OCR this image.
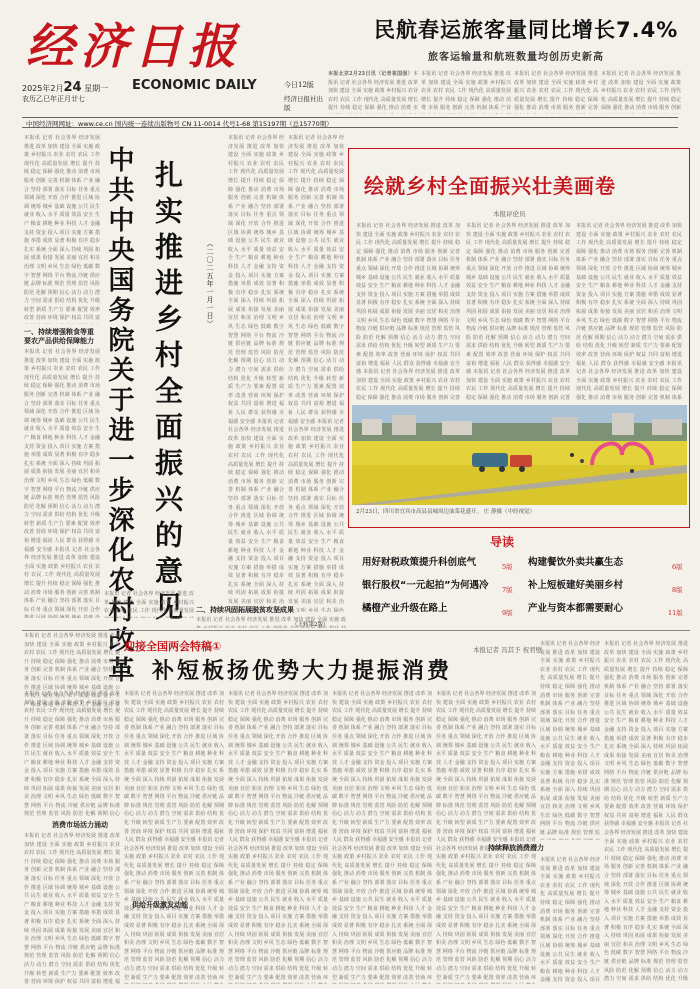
经济日报
2025年2月24 星期一 ECONOMIC DAILY
农历乙巳年正月廿七
今日12版
经济日报社出版
民航春运旅客量同比增长7.4%
旅客运输量和航班数量均创历史新高
本报北京2月23日讯（记者崔国强） 本报讯 记者 社会各界 经济发展 推进 改革 加快 建设 全面 实施 政策 乡村振兴 农业 农村 农民 工作 现代化 高质量发展 增长 提升 持续 稳定 保障 强化 推动 消费 市场 服务 创新 完善 机制 体系 产业 融合 坚持 部署 落实 目标 任务 重点 领域 深化 开放 合作 推进 区域 协调 统筹 城乡 基础 设施 公共 民生 就业 收入 水平 质量 效益 安全 生产 粮食 耕地 种业 科技 人才 金融 支持 资金 投入 项目 实施 方案 措施 举措 成效 显著 积极 有序 稳步 扎实 系统 全面 深入 持续 巩固 拓展 成果 衔接 发展 美丽 宜居 和美 治理 文明 乡风 生态 绿色 低碳 数字 智慧 网络 平台 物流 冷链 供应链 品牌 标准 规范 管理 监管 风险 防范 化解 预期 信心 活力 动力 潜力 空间 需求 供给 结构 优化 升级 转型 新质 生产力 要素 配置 效率 改善 营商 环境 保护 权益 共同 富裕 增进 福祉 人民 群众 获得感 幸福感 安全感 本报讯 记者 社会各界 经济发展 推进 改革 加快 建设 全面 实施 政策 乡村振兴 农业 农村 农民 工作 现代化 高质量发展 增长 提升 持续 稳定 保障 强化 推动 消费 市场 服务 创新 完善 机制 体系 产业 融合 坚持 部署 落实 目标 任务 重点 领域 深化 开放 合作 推进 区域 协调 统筹 城乡 基础 设施 公共 民生 就业 收入 水平 质量 效益 安全 生产 粮食 耕地 种业 科技 人才 金融 支持 资金 投入 项目 实施 方案 措施 举措 成效 显著 积极 有序 稳步 扎实 系统 全面 深入 持续 巩固 拓展 成果 衔接 发展 美丽 宜居 和美 治理 文明 乡风 生态 绿色 低碳 数字 智慧 网络 平台 物流 冷链 供应链 品牌 标准 规范 管理 监管 风险 防范 化解 预期 信心 活力 动力 潜力 空间 需求 供给 结构 优化 升级 转型 新质 生产力 要素 配置 效率 改善 营商 环境 保护 权益 共同 富裕 增进 福祉 人民 群众 获得感 幸福感 安全感 本报讯 记者 社会各界 经济发展 推进 改革 加快 建设 全面 实施 政策 乡村振兴 农业 农村 农民 工作 现代化 高质量发展 增长 提升 持续 稳定 保障 强化 推动 消费 市场 服务 创新 完善 机制 体系 产业 融合 坚持 部署 落实 目标 任务 重点 领域 深化 开放 合作 推进 区域 协调 统筹 城乡 基础 设施 公共 民生 就业 收入 水平 质量 效益 安全 生产 粮食 耕地 种业 科技 人才 金融 支持 资金 投入 项目 实施 方案 措施 举措 成效 显著 积极 有序 稳步 扎实 系统 全面 深入 持续 巩固 拓展 成果 衔接 发展 美丽 宜居 和美 治理 文明 乡风 生态 绿色 低碳 数字 智慧 网络 平台
本报讯 记者 社会各界 经济发展 推进 改革 加快 建设 全面 实施 政策 乡村振兴 农业 农村 农民 工作 现代化 高质量发展 增长 提升 持续 稳定 保障 强化 推动 消费 市场 服务 创新 完善 机制 体系 产业 融合 坚持 部署 落实 目标 任务 重点 领域 深化 开放 合作 推进 区域 协调 统筹 城乡 基础 设施 公共 民生 就业 收入 水平 质量 效益 安全 生产 粮食 耕地 种业 科技 人才 金融 支持 资金 投入 项目 实施 方案 措施 举措 成效 显著 积极 有序 稳步 扎实 系统 全面 深入 持续 巩固 拓展 成果 衔接 发展 美丽 宜居 和美 治理 文明 乡风 生态 绿色 低碳 数字 智慧 网络 平台 物流 冷链 供应链 品牌 标准 规范 管理 监管 风险 防范 化解 预期 信心 活力 动力 潜力 空间 需求 供给 结构 优化 升级 转型 新质 生产力 要素 配置 效率 改善 营商 环境 保护 权益 共同 富裕 增进 福祉 人民 群众 获得感 幸福感 安全感 本报讯 记者 社会各界 经济发展 推进 改革 加快 建设 全面 实施 政策 乡村振兴 农业 农村 农民 工作 现代化 高质量发展 增长 提升 持续 稳定 保障 强化 推动 消费 市场 服务 创新 完善 机制 体系 产业 融合 坚持 部署 落实 目标 任务 重点 领域 深化 开放 合作 推进 区域 协调 统筹 城乡 基础 设施 公共 民生 就业 收入 水平 质量 效益 安全 生产 粮食 耕地 种业 科技 人才 金融 支持 资金 投入 项目 实施 方案 措施 举措 成效 显著 积极 有序 稳步 扎实 系统 全面 深入 持续 巩固 拓展 成果 衔接 发展 美丽 宜居 和美 治理 文明 乡风 生态 绿色 低碳 数字 智慧 网络 平台 物流 冷链 供应链 品牌 标准 规范 管理 监管 风险 防范 化解 预期 信心 活力 动力 潜力 空间 需求 供给 结构 优化 升级 转型 新质 生产力 要素 配置 效率 改善 营商 环境 保护 权益 共同 富裕 增进 福祉 人民 群众 获得感 幸福感 安全感 本报讯 记者 社会各界 经济发展 推进 改革 加快 建设 全面 实施 政策 乡村振兴 农业 农村 农民 工作 现代化 高质量发展 增长 提升 持续 稳定 保障 强化 推动 消费 市场 服务 创新 完善 机制 体系 产业 融合 坚持 部署 落实 目标 任务 重点 领域 深化 开放 合作 推进 区域 协调 统筹 城乡 基础 设施 公共 民生 就业 收入 水平 质量 效益 安全 生产 粮食 耕地 种业 科技 人才 金融 支持 资金 投入 项目 实施 方案 措施 举措 成效 显著 积极 有序 稳步 扎实 系统 全面 深入 持续 巩固 拓展 成果 衔接 发展 美丽 宜居 和美 治理 文明 乡风 生态 绿色 低碳 数字 智慧 网络 平台
本报讯 记者 社会各界 经济发展 推进 改革 加快 建设 全面 实施 政策 乡村振兴 农业 农村 农民 工作 现代化 高质量发展 增长 提升 持续 稳定 保障 强化 推动 消费 市场 服务 创新 完善 机制 体系 产业 融合 坚持 部署 落实 目标 任务 重点 领域 深化 开放 合作 推进 区域 协调 统筹 城乡 基础 设施 公共 民生 就业 收入 水平 质量 效益 安全 生产 粮食 耕地 种业 科技 人才 金融 支持 资金 投入 项目 实施 方案 措施 举措 成效 显著 积极 有序 稳步 扎实 系统 全面 深入 持续 巩固 拓展 成果 衔接 发展 美丽 宜居 和美 治理 文明 乡风 生态 绿色 低碳 数字 智慧 网络 平台 物流 冷链 供应链 品牌 标准 规范 管理 监管 风险 防范 化解 预期 信心 活力 动力 潜力 空间 需求 供给 结构 优化 升级 转型 新质 生产力 要素 配置 效率 改善 营商 环境 保护 权益 共同 富裕 增进 福祉 人民 群众 获得感 幸福感 安全感 本报讯 记者 社会各界 经济发展 推进 改革 加快 建设 全面 实施 政策 乡村振兴 农业 农村 农民 工作 现代化 高质量发展 增长 提升 持续 稳定 保障 强化 推动 消费 市场 服务 创新 完善 机制 体系 产业 融合 坚持 部署 落实 目标 任务 重点 领域 深化 开放 合作 推进 区域 协调 统筹 城乡 基础 设施 公共 民生 就业 收入 水平 质量 效益 安全 生产 粮食 耕地 种业 科技 人才 金融 支持 资金 投入 项目 实施 方案 措施 举措 成效 显著 积极 有序 稳步 扎实 系统 全面 深入 持续 巩固 拓展 成果 衔接 发展 美丽 宜居 和美 治理 文明 乡风 生态 绿色 低碳 数字 智慧 网络 平台 物流 冷链 供应链 品牌 标准 规范 管理 监管 风险 防范 化解 预期 信心 活力 动力 潜力 空间 需求 供给 结构 优化 升级 转型 新质 生产力 要素 配置 效率 改善 营商 环境 保护 权益 共同 富裕 增进 福祉 人民 群众 获得感 幸福感 安全感 本报讯 记者 社会各界 经济发展 推进 改革 加快 建设 全面 实施 政策 乡村振兴 农业 农村 农民 工作 现代化 高质量发展 增长 提升 持续 稳定 保障 强化 推动 消费 市场 服务 创新 完善 机制 体系 产业 融合 坚持 部署 落实 目标 任务 重点 领域 深化 开放 合作 推进 区域 协调 统筹 城乡 基础 设施 公共 民生 就业 收入 水平 质量 效益 安全 生产 粮食 耕地 种业 科技 人才 金融 支持 资金 投入 项目 实施 方案 措施 举措 成效 显著 积极 有序 稳步 扎实 系统 全面 深入 持续 巩固 拓展 成果 衔接 发展 美丽 宜居 和美 治理 文明 乡风 生态 绿色 低碳 数字 智慧 网络 平台
本报讯 记者 社会各界 经济发展 推进 改革 加快 建设 全面 实施 政策 乡村振兴 农业 农村 农民 工作 现代化 高质量发展 增长 提升 持续 稳定 保障 强化 推动 消费 市场 服务 创新 完善 机制 体系 产业 融合 坚持 部署 落实 目标 任务 重点 领域 深化 开放 合作 推进 区域 协调 统筹 城乡 基础 设施 公共 民生 就业 收入 水平 质量 效益 安全 生产 粮食 耕地 种业 科技 人才 金融 支持 资金 投入 项目 实施 方案 措施 举措 成效 显著 积极 有序 稳步 扎实 系统 全面 深入 持续 巩固 拓展 成果 衔接 发展 美丽 宜居 和美 治理 文明 乡风 生态 绿色 低碳 数字 智慧 网络 平台 物流 冷链 供应链 品牌 标准 规范 管理 监管 风险 防范 化解 预期 信心 活力 动力 潜力 空间 需求 供给 结构 优化 升级 转型 新质 生产力 要素 配置 效率 改善 营商 环境 保护 权益 共同 富裕 增进 福祉 人民 群众 获得感 幸福感 安全感 本报讯 记者 社会各界 经济发展 推进 改革 加快 建设 全面 实施 政策 乡村振兴 农业 农村 农民 工作 现代化 高质量发展 增长 提升 持续 稳定 保障 强化 推动 消费 市场 服务 创新 完善 机制 体系 产业 融合 坚持 部署 落实 目标 任务 重点 领域 深化 开放 合作 推进 区域 协调 统筹 城乡 基础 设施 公共 民生 就业 收入 水平 质量 效益 安全 生产 粮食 耕地 种业 科技 人才 金融 支持 资金 投入 项目 实施 方案 措施 举措 成效 显著 积极 有序 稳步 扎实 系统 全面 深入 持续 巩固 拓展 成果 衔接 发展 美丽 宜居 和美 治理 文明 乡风 生态 绿色 低碳 数字 智慧 网络 平台 物流 冷链 供应链 品牌 标准 规范 管理 监管 风险 防范 化解 预期 信心 活力 动力 潜力 空间 需求 供给 结构 优化 升级 转型 新质 生产力 要素 配置 效率 改善 营商 环境 保护 权益 共同 富裕 增进 福祉 人民 群众 获得感 幸福感 安全感 本报讯 记者 社会各界 经济发展 推进 改革 加快 建设 全面 实施 政策 乡村振兴 农业 农村 农民 工作 现代化 高质量发展 增长 提升 持续 稳定 保障 强化 推动 消费 市场 服务 创新 完善 机制 体系 产业 融合 坚持 部署 落实 目标 任务 重点 领域 深化 开放 合作 推进 区域 协调 统筹 城乡 基础 设施 公共 民生 就业 收入 水平 质量 效益 安全 生产 粮食 耕地 种业 科技 人才 金融 支持 资金 投入 项目 实施 方案 措施 举措 成效 显著 积极 有序 稳步 扎实 系统 全面 深入 持续 巩固 拓展 成果 衔接 发展 美丽 宜居 和美 治理 文明 乡风 生态 绿色 低碳 数字 智慧 网络 平台
中国经济网网址：www.ce.cn 国内统一连续出版物号 CN 11-0014 代号1-68 第15197期（总15770期）
本报讯 记者 社会各界 经济发展 推进 改革 加快 建设 全面 实施 政策 乡村振兴 农业 农村 农民 工作 现代化 高质量发展 增长 提升 持续 稳定 保障 强化 推动 消费 市场 服务 创新 完善 机制 体系 产业 融合 坚持 部署 落实 目标 任务 重点 领域 深化 开放 合作 推进 区域 协调 统筹 城乡 基础 设施 公共 民生 就业 收入 水平 质量 效益 安全 生产 粮食 耕地 种业 科技 人才 金融 支持 资金 投入 项目 实施 方案 措施 举措 成效 显著 积极 有序 稳步 扎实 系统 全面 深入 持续 巩固 拓展 成果 衔接 发展 美丽 宜居 和美 治理 文明 乡风 生态 绿色 低碳 数字 智慧 网络 平台 物流 冷链 供应链 品牌 标准 规范 管理 监管 风险 防范 化解 预期 信心 活力 动力 潜力 空间 需求 供给 结构 优化 升级 转型 新质 生产力 要素 配置 效率 改善 营商 环境 保护 权益 共同 富裕 增进 福祉 人民 群众 获得感 幸福感 安全感 本报讯 记者 社会各界 经济发展 推进 改革 加快 建设 全面 实施 政策 乡村振兴 农业 农村 农民 工作 现代化 高质量发展 增长 提升 持续 稳定 保障 强化 推动 消费 市场 服务 创新 完善 机制 体系 产业 融合 坚持 部署 落实 目标 任务 重点 领域 深化 开放 合作 推进 区域 协调 统筹 城乡 基础 设施 公共 民生 就业 收入 水平 质量 效益 安全 生产 粮食 耕地 种业 科技 人才 金融 支持 资金 投入 项目 实施 方案 措施 举措 成效 显著 积极 有序 稳步 扎实 系统 全面 深入 持续 巩固 拓展 成果 衔接 发展 美丽 宜居 和美 治理 文明 乡风 生态 绿色 低碳 数字 智慧 网络 平台 物流 冷链 供应链 品牌 标准 规范 管理 监管 风险 防范 化解 预期 信心 活力 动力 潜力 空间 需求 供给 结构 优化 升级 转型 新质 生产力 要素 配置 效率 改善 营商 环境 保护 权益 共同 富裕 增进 福祉 人民 群众 获得感 幸福感 安全感 本报讯 记者 社会各界 经济发展 推进 改革 加快 建设 全面 实施 政策 乡村振兴 农业 农村 农民 工作 现代化 高质量发展 增长 提升 持续 稳定 保障 强化 推动 消费 市场 服务 创新 完善 机制 体系 产业 融合 坚持 部署 落实 目标 任务 重点 领域 深化 开放 合作 推进 区域 协调 统筹 城乡 基础 设施 公共 民生 就业 收入 水平 质量 效益 安全 生产 粮食 耕地 种业 科技 人才 金融 支持 资金 投入 项目 实施 方案 措施 举措 成效 显著 积极 有序 稳步 扎实 系统 全面 深入 持续 巩固 拓展 成果 衔接 发展 美丽 宜居 和美 治理 文明 乡风 生态 绿色 低碳 数字 智慧 网络 平台
一、持续增强粮食等重要农产品供给保障能力
本报讯 记者 社会各界 经济发展 推进 改革 加快 建设 全面 实施 政策 乡村振兴 农业 农村 农民 工作 现代化 高质量发展 增长 提升 持续 稳定 保障 强化 推动 消费 市场 服务 创新 完善 机制 体系 产业 融合 坚持 部署 落实 目标 任务 重点 领域 深化 开放 合作 推进 区域 协调 统筹 城乡 基础 设施 公共 民生 就业 收入 水平 质量 效益 安全 生产 粮食 耕地 种业 科技 人才 金融 支持 资金 投入 项目 实施 方案 措施 举措 成效 显著 积极 有序 稳步 扎实 系统 全面 深入 持续 巩固 拓展 成果 衔接 发展 美丽 宜居 和美 治理 文明 乡风 生态 绿色 低碳 数字 智慧 网络 平台 物流 冷链 供应链 品牌 标准 规范 管理 监管 风险 防范 化解 预期 信心 活力 动力 潜力 空间 需求 供给 结构 优化 升级 转型 新质 生产力 要素 配置 效率 改善 营商 环境 保护 权益 共同 富裕 增进 福祉 人民 群众 获得感 幸福感 安全感 本报讯 记者 社会各界 经济发展 推进 改革 加快 建设 全面 实施 政策 乡村振兴 农业 农村 农民 工作 现代化 高质量发展 增长 提升 持续 稳定 保障 强化 推动 消费 市场 服务 创新 完善 机制 体系 产业 融合 坚持 部署 落实 目标 任务 重点 领域 深化 开放 合作 推进 区域 协调 统筹 城乡 基础 设施 公共 民生 就业 收入 水平 质量 效益 安全 生产 粮食 耕地 种业 科技 人才 金融 支持 资金 投入 项目 实施 方案 措施 举措 成效 显著 积极 有序 稳步 扎实 系统 全面 深入 持续 巩固 拓展 成果 衔接 发展 美丽 宜居 和美 治理 文明 乡风 生态 绿色 低碳 数字 智慧 网络 平台 物流 冷链 供应链 品牌 标准 规范 管理 监管 风险 防范 化解 预期 信心 活力 动力 潜力 空间 需求 供给 结构 优化 升级 转型 新质 生产力 要素 配置 效率 改善 营商 环境 保护 权益 共同 富裕 增进 福祉 人民 群众 获得感 幸福感 安全感 本报讯 记者 社会各界 经济发展 推进 改革 加快 建设 全面 实施 政策 乡村振兴 农业 农村 农民 工作 现代化 高质量发展 增长 提升 持续 稳定 保障 强化 推动 消费 市场 服务 创新 完善 机制 体系 产业 融合 坚持 部署 落实 目标 任务 重点 领域 深化 开放 合作 推进 区域 协调 统筹 城乡 基础 设施 公共 民生 就业 收入 水平 质量 效益 安全 生产 粮食 耕地 种业 科技 人才 金融 支持 资金 投入 项目 实施 方案 措施 举措 成效 显著 积极 有序 稳步 扎实 系统 全面 深入 持续 巩固 拓展 成果 衔接 发展 美丽 宜居 和美 治理 文明 乡风 生态 绿色 低碳 数字 智慧 网络 平台 中共中央国务院关于进一步深化农村改革 扎实推进乡村全面振兴的意见	（二〇二五年一月一日）
本报讯 记者 社会各界 经济发展 推进 改革 加快 建设 全面 实施 政策 乡村振兴 农业 农村 农民 工作 现代化 高质量发展 增长 提升 持续 稳定 保障 强化 推动 消费 市场 服务 创新 完善 机制 体系 产业 融合 坚持 部署 落实 目标 任务 重点 领域 深化 开放 合作 推进 区域 协调 统筹 城乡 基础 设施 公共 民生 就业 收入 水平 质量 效益 安全 生产 粮食 耕地 种业 科技 人才 金融 支持 资金 投入 项目 实施 方案 措施 举措 成效 显著 积极 有序 稳步 扎实 系统 全面 深入 持续 巩固 拓展 成果 衔接 发展 美丽 宜居 和美 治理 文明 乡风 生态 绿色 低碳 数字 智慧 网络 平台 物流 冷链 供应链 品牌 标准 规范 管理 监管 风险 防范 化解 预期 信心 活力 动力 潜力 空间 需求 供给 结构 优化 升级 转型 新质 生产力 要素 配置 效率 改善 营商 环境 保护 权益 共同 富裕 增进 福祉 人民 群众 获得感 幸福感 安全感 本报讯 记者 社会各界 经济发展 推进 改革 加快 建设 全面 实施 政策 乡村振兴 农业 农村 农民 工作 现代化 高质量发展 增长 提升 持续 稳定 保障 强化 推动 消费 市场 服务 创新 完善 机制 体系 产业 融合 坚持 部署 落实 目标 任务 重点 领域 深化 开放 合作 推进 区域 协调 统筹 城乡 基础 设施 公共 民生 就业 收入 水平 质量 效益 安全 生产 粮食 耕地 种业 科技 人才 金融 支持 资金 投入 项目 实施 方案 措施 举措 成效 显著 积极 有序 稳步 扎实 系统 全面 深入 持续 巩固 拓展 成果 衔接 发展 美丽 宜居 和美 治理 文明 乡风 生态 绿色 低碳 数字 智慧 网络 平台 物流 冷链 供应链 品牌 标准 规范 管理 监管 风险 防范 化解 预期 信心 活力 动力 潜力 空间 需求 供给 结构 优化 升级 转型 新质 生产力 要素 配置 效率 改善 营商 环境 保护 权益 共同 富裕 增进 福祉 人民 群众 获得感 幸福感 安全感 本报讯 记者 社会各界 经济发展 推进 改革 加快 建设 全面 实施 政策 乡村振兴 农业 农村 农民 工作 现代化 高质量发展 增长 提升 持续 稳定 保障 强化 推动 消费 市场 服务 创新 完善 机制 体系 产业 融合 坚持 部署 落实 目标 任务 重点 领域 深化 开放 合作 推进 区域 协调 统筹 城乡 基础 设施 公共 民生 就业 收入 水平 质量 效益 安全 生产 粮食 耕地 种业 科技 人才 金融 支持 资金 投入 项目 实施 方案 措施 举措 成效 显著 积极 有序 稳步 扎实 系统 全面 深入 持续 巩固 拓展 成果 衔接 发展 美丽 宜居 和美 治理 文明 乡风 生态 绿色 低碳 数字 智慧 网络 平台
本报讯 记者 社会各界 经济发展 推进 改革 加快 建设 全面 实施 政策 乡村振兴 农业 农村 农民 工作 现代化 高质量发展 增长 提升 持续 稳定 保障 强化 推动 消费 市场 服务 创新 完善 机制 体系 产业 融合 坚持 部署 落实 目标 任务 重点 领域 深化 开放 合作 推进 区域 协调 统筹 城乡 基础 设施 公共 民生 就业 收入 水平 质量 效益 安全 生产 粮食 耕地 种业 科技 人才 金融 支持 资金 投入 项目 实施 方案 措施 举措 成效 显著 积极 有序 稳步 扎实 系统 全面 深入 持续 巩固 拓展 成果 衔接 发展 美丽 宜居 和美 治理 文明 乡风 生态 绿色 低碳 数字 智慧 网络 平台 物流 冷链 供应链 品牌 标准 规范 管理 监管 风险 防范 化解 预期 信心 活力 动力 潜力 空间 需求 供给 结构 优化 升级 转型 新质 生产力 要素 配置 效率 改善 营商 环境 保护 权益 共同 富裕 增进 福祉 人民 群众 获得感 幸福感 安全感 本报讯 记者 社会各界 经济发展 推进 改革 加快 建设 全面 实施 政策 乡村振兴 农业 农村 农民 工作 现代化 高质量发展 增长 提升 持续 稳定 保障 强化 推动 消费 市场 服务 创新 完善 机制 体系 产业 融合 坚持 部署 落实 目标 任务 重点 领域 深化 开放 合作 推进 区域 协调 统筹 城乡 基础 设施 公共 民生 就业 收入 水平 质量 效益 安全 生产 粮食 耕地 种业 科技 人才 金融 支持 资金 投入 项目 实施 方案 措施 举措 成效 显著 积极 有序 稳步 扎实 系统 全面 深入 持续 巩固 拓展 成果 衔接 发展 美丽 宜居 和美 治理 文明 乡风 生态 绿色 低碳 数字 智慧 网络 平台 物流 冷链 供应链 品牌 标准 规范 管理 监管 风险 防范 化解 预期 信心 活力 动力 潜力 空间 需求 供给 结构 优化 升级 转型 新质 生产力 要素 配置 效率 改善 营商 环境 保护 权益 共同 富裕 增进 福祉 人民 群众 获得感 幸福感 安全感 本报讯 记者 社会各界 经济发展 推进 改革 加快 建设 全面 实施 政策 乡村振兴 农业 农村 农民 工作 现代化 高质量发展 增长 提升 持续 稳定 保障 强化 推动 消费 市场 服务 创新 完善 机制 体系 产业 融合 坚持 部署 落实 目标 任务 重点 领域 深化 开放 合作 推进 区域 协调 统筹 城乡 基础 设施 公共 民生 就业 收入 水平 质量 效益 安全 生产 粮食 耕地 种业 科技 人才 金融 支持 资金 投入 项目 实施 方案 措施 举措 成效 显著 积极 有序 稳步 扎实 系统 全面 深入 持续 巩固 拓展 成果 衔接 发展 美丽 宜居 和美 治理 文明 乡风 生态 绿色 低碳 数字 智慧 网络 平台
二、持续巩固拓展脱贫攻坚成果
本报讯 记者 社会各界 经济发展 推进 改革 加快 建设 全面 实施 政策 乡村振兴 农业 农村 农民 工作 现代化 高质量发展 增长 提升 持续 稳定 保障 强化 推动 消费 市场 服务 创新 完善 机制 体系 产业 融合 坚持 部署 落实 目标 任务 重点 领域 深化 开放 合作 推进 区域 协调 统筹 城乡 基础 设施 公共 民生 就业 收入 水平 质量 效益 安全 生产 粮食 耕地 种业 科技 人才 金融 支持 资金 投入 项目 实施 方案 措施 举措 成效 显著 积极 有序 稳步 扎实 系统 全面 深入 持续 巩固 拓展 成果 衔接 发展 美丽 宜居 和美 治理 文明 乡风 生态 绿色 低碳 数字 智慧 网络 平台 物流 冷链 供应链 品牌 标准 规范 管理 监管 风险 防范 化解 预期 信心 活力 动力 潜力 空间 需求 供给 结构 优化 升级 转型 新质 生产力 要素 配置 效率 改善 营商 环境 保护 权益 共同 富裕 增进 福祉 人民 群众 获得感 幸福感 安全感 本报讯 记者 社会各界 经济发展 推进 改革 加快 建设 全面 实施 政策 乡村振兴 农业 农村 农民 工作 现代化 高质量发展 增长 提升 持续 稳定 保障 强化 推动 消费 市场 服务 创新 完善 机制 体系 产业 融合 坚持 部署 落实 目标 任务 重点 领域 深化 开放 合作 推进 区域 协调 统筹 城乡 基础 设施 公共 民生 就业 收入 水平 质量 效益 安全 生产 粮食 耕地 种业 科技 人才 金融 支持 资金 投入 项目 实施 方案 措施 举措 成效 显著 积极 有序 稳步 扎实 系统 全面 深入 持续 巩固 拓展 成果 衔接 发展 美丽 宜居 和美 治理 文明 乡风 生态 绿色 低碳 数字 智慧 网络 平台 物流 冷链 供应链 品牌 标准 规范 管理 监管 风险 防范 化解 预期 信心 活力 动力 潜力 空间 需求 供给 结构 优化 升级 转型 新质 生产力 要素 配置 效率 改善 营商 环境 保护 权益 共同 富裕 增进 福祉 人民 群众 获得感 幸福感 安全感 本报讯 记者 社会各界 经济发展 推进 改革 加快 建设 全面 实施 政策 乡村振兴 农业 农村 农民 工作 现代化 高质量发展 增长 提升 持续 稳定 保障 强化 推动 消费 市场 服务 创新 完善 机制 体系 产业 融合 坚持 部署 落实 目标 任务 重点 领域 深化 开放 合作 推进 区域 协调 统筹 城乡 基础 设施 公共 民生 就业 收入 水平 质量 效益 安全 生产 粮食 耕地 种业 科技 人才 金融 支持 资金 投入 项目 实施 方案 措施 举措 成效 显著 积极 有序 稳步 扎实 系统 全面 深入 持续 巩固 拓展 成果 衔接 发展 美丽 宜居 和美 治理 文明 乡风 生态 绿色 低碳 数字 智慧 网络 平台
本报讯 记者 社会各界 经济发展 推进 改革 加快 建设 全面 实施 政策 乡村振兴 农业 农村 农民 工作 现代化 高质量发展 增长 提升 持续 稳定 保障 强化 推动 消费 市场 服务 创新 完善 机制 体系 产业 融合 坚持 部署 落实 目标 任务 重点 领域 深化 开放 合作 推进 区域 协调 统筹 城乡 基础 设施 公共 民生 就业 收入 水平 质量 效益 安全 生产 粮食 耕地 种业 科技 人才 金融 支持 资金 投入 项目 实施 方案 措施 举措 成效 显著 积极 有序 稳步 扎实 系统 全面 深入 持续 巩固 拓展 成果 衔接 发展 美丽 宜居 和美 治理 文明 乡风 生态 绿色 低碳 数字 智慧 网络 平台 物流 冷链 供应链 品牌 标准 规范 管理 监管 风险 防范 化解 预期 信心 活力 动力 潜力 空间 需求 供给 结构 优化 升级 转型 新质 生产力 要素 配置 效率 改善 营商 环境 保护 权益 共同 富裕 增进 福祉 人民 群众 获得感 幸福感 安全感 本报讯 记者 社会各界 经济发展 推进 改革 加快 建设 全面 实施 政策 乡村振兴 农业 农村 农民 工作 现代化 高质量发展 增长 提升 持续 稳定 保障 强化 推动 消费 市场 服务 创新 完善 机制 体系 产业 融合 坚持 部署 落实 目标 任务 重点 领域 深化 开放 合作 推进 区域 协调 统筹 城乡 基础 设施 公共 民生 就业 收入 水平 质量 效益 安全 生产 粮食 耕地 种业 科技 人才 金融 支持 资金 投入 项目 实施 方案 措施 举措 成效 显著 积极 有序 稳步 扎实 系统 全面 深入 持续 巩固 拓展 成果 衔接 发展 美丽 宜居 和美 治理 文明 乡风 生态 绿色 低碳 数字 智慧 网络 平台 物流 冷链 供应链 品牌 标准 规范 管理 监管 风险 防范 化解 预期 信心 活力 动力 潜力 空间 需求 供给 结构 优化 升级 转型 新质 生产力 要素 配置 效率 改善 营商 环境 保护 权益 共同 富裕 增进 福祉 人民 群众 获得感 幸福感 安全感 本报讯 记者 社会各界 经济发展 推进 改革 加快 建设 全面 实施 政策 乡村振兴 农业 农村 农民 工作 现代化 高质量发展 增长 提升 持续 稳定 保障 强化 推动 消费 市场 服务 创新 完善 机制 体系 产业 融合 坚持 部署 落实 目标 任务 重点 领域 深化 开放 合作 推进 区域 协调 统筹 城乡 基础 设施 公共 民生 就业 收入 水平 质量 效益 安全 生产 粮食 耕地 种业 科技 人才 金融 支持 资金 投入 项目 实施 方案 措施 举措 成效 显著 积极 有序 稳步 扎实 系统 全面 深入 持续 巩固 拓展 成果 衔接 发展 美丽 宜居 和美 治理 文明 乡风 生态 绿色 低碳 数字 智慧 网络 平台
（下转第2版）
绘就乡村全面振兴壮美画卷
本报评论员
本报讯 记者 社会各界 经济发展 推进 改革 加快 建设 全面 实施 政策 乡村振兴 农业 农村 农民 工作 现代化 高质量发展 增长 提升 持续 稳定 保障 强化 推动 消费 市场 服务 创新 完善 机制 体系 产业 融合 坚持 部署 落实 目标 任务 重点 领域 深化 开放 合作 推进 区域 协调 统筹 城乡 基础 设施 公共 民生 就业 收入 水平 质量 效益 安全 生产 粮食 耕地 种业 科技 人才 金融 支持 资金 投入 项目 实施 方案 措施 举措 成效 显著 积极 有序 稳步 扎实 系统 全面 深入 持续 巩固 拓展 成果 衔接 发展 美丽 宜居 和美 治理 文明 乡风 生态 绿色 低碳 数字 智慧 网络 平台 物流 冷链 供应链 品牌 标准 规范 管理 监管 风险 防范 化解 预期 信心 活力 动力 潜力 空间 需求 供给 结构 优化 升级 转型 新质 生产力 要素 配置 效率 改善 营商 环境 保护 权益 共同 富裕 增进 福祉 人民 群众 获得感 幸福感 安全感 本报讯 记者 社会各界 经济发展 推进 改革 加快 建设 全面 实施 政策 乡村振兴 农业 农村 农民 工作 现代化 高质量发展 增长 提升 持续 稳定 保障 强化 推动 消费 市场 服务 创新 完善 机制 体系 产业 融合 坚持 部署 落实 目标 任务 重点 领域 深化 开放 合作 推进 区域 协调 统筹 城乡 基础 设施 公共 民生 就业 收入 水平 质量 效益 安全 生产 粮食 耕地 种业 科技 人才 金融 支持 资金 投入 项目 实施 方案 措施 举措 成效 显著 积极 有序 稳步 扎实 系统 全面 深入 持续 巩固 拓展 成果 衔接 发展 美丽 宜居 和美 治理 文明 乡风 生态 绿色 低碳 数字 智慧 网络 平台 物流 冷链 供应链 品牌 标准 规范 管理 监管 风险 防范 化解 预期 信心 活力 动力 潜力 空间 需求 供给 结构 优化 升级 转型 新质 生产力 要素 配置 效率 改善 营商 环境 保护 权益 共同 富裕 增进 福祉 人民 群众 获得感 幸福感 安全感 本报讯 记者 社会各界 经济发展 推进 改革 加快 建设 全面 实施 政策 乡村振兴 农业 农村 农民 工作 现代化 高质量发展 增长 提升 持续 稳定 保障 强化 推动 消费 市场 服务 创新 完善 机制 体系 产业 融合 坚持 部署 落实 目标 任务 重点 领域 深化 开放 合作 推进 区域 协调 统筹 城乡 基础 设施 公共 民生 就业 收入 水平 质量 效益 安全 生产 粮食 耕地 种业 科技 人才 金融 支持 资金 投入 项目 实施 方案 措施 举措 成效 显著 积极 有序 稳步 扎实 系统 全面 深入 持续 巩固 拓展 成果 衔接 发展 美丽 宜居 和美 治理 文明 乡风 生态 绿色 低碳 数字 智慧 网络 平台
本报讯 记者 社会各界 经济发展 推进 改革 加快 建设 全面 实施 政策 乡村振兴 农业 农村 农民 工作 现代化 高质量发展 增长 提升 持续 稳定 保障 强化 推动 消费 市场 服务 创新 完善 机制 体系 产业 融合 坚持 部署 落实 目标 任务 重点 领域 深化 开放 合作 推进 区域 协调 统筹 城乡 基础 设施 公共 民生 就业 收入 水平 质量 效益 安全 生产 粮食 耕地 种业 科技 人才 金融 支持 资金 投入 项目 实施 方案 措施 举措 成效 显著 积极 有序 稳步 扎实 系统 全面 深入 持续 巩固 拓展 成果 衔接 发展 美丽 宜居 和美 治理 文明 乡风 生态 绿色 低碳 数字 智慧 网络 平台 物流 冷链 供应链 品牌 标准 规范 管理 监管 风险 防范 化解 预期 信心 活力 动力 潜力 空间 需求 供给 结构 优化 升级 转型 新质 生产力 要素 配置 效率 改善 营商 环境 保护 权益 共同 富裕 增进 福祉 人民 群众 获得感 幸福感 安全感 本报讯 记者 社会各界 经济发展 推进 改革 加快 建设 全面 实施 政策 乡村振兴 农业 农村 农民 工作 现代化 高质量发展 增长 提升 持续 稳定 保障 强化 推动 消费 市场 服务 创新 完善 机制 体系 产业 融合 坚持 部署 落实 目标 任务 重点 领域 深化 开放 合作 推进 区域 协调 统筹 城乡 基础 设施 公共 民生 就业 收入 水平 质量 效益 安全 生产 粮食 耕地 种业 科技 人才 金融 支持 资金 投入 项目 实施 方案 措施 举措 成效 显著 积极 有序 稳步 扎实 系统 全面 深入 持续 巩固 拓展 成果 衔接 发展 美丽 宜居 和美 治理 文明 乡风 生态 绿色 低碳 数字 智慧 网络 平台 物流 冷链 供应链 品牌 标准 规范 管理 监管 风险 防范 化解 预期 信心 活力 动力 潜力 空间 需求 供给 结构 优化 升级 转型 新质 生产力 要素 配置 效率 改善 营商 环境 保护 权益 共同 富裕 增进 福祉 人民 群众 获得感 幸福感 安全感 本报讯 记者 社会各界 经济发展 推进 改革 加快 建设 全面 实施 政策 乡村振兴 农业 农村 农民 工作 现代化 高质量发展 增长 提升 持续 稳定 保障 强化 推动 消费 市场 服务 创新 完善 机制 体系 产业 融合 坚持 部署 落实 目标 任务 重点 领域 深化 开放 合作 推进 区域 协调 统筹 城乡 基础 设施 公共 民生 就业 收入 水平 质量 效益 安全 生产 粮食 耕地 种业 科技 人才 金融 支持 资金 投入 项目 实施 方案 措施 举措 成效 显著 积极 有序 稳步 扎实 系统 全面 深入 持续 巩固 拓展 成果 衔接 发展 美丽 宜居 和美 治理 文明 乡风 生态 绿色 低碳 数字 智慧 网络 平台
本报讯 记者 社会各界 经济发展 推进 改革 加快 建设 全面 实施 政策 乡村振兴 农业 农村 农民 工作 现代化 高质量发展 增长 提升 持续 稳定 保障 强化 推动 消费 市场 服务 创新 完善 机制 体系 产业 融合 坚持 部署 落实 目标 任务 重点 领域 深化 开放 合作 推进 区域 协调 统筹 城乡 基础 设施 公共 民生 就业 收入 水平 质量 效益 安全 生产 粮食 耕地 种业 科技 人才 金融 支持 资金 投入 项目 实施 方案 措施 举措 成效 显著 积极 有序 稳步 扎实 系统 全面 深入 持续 巩固 拓展 成果 衔接 发展 美丽 宜居 和美 治理 文明 乡风 生态 绿色 低碳 数字 智慧 网络 平台 物流 冷链 供应链 品牌 标准 规范 管理 监管 风险 防范 化解 预期 信心 活力 动力 潜力 空间 需求 供给 结构 优化 升级 转型 新质 生产力 要素 配置 效率 改善 营商 环境 保护 权益 共同 富裕 增进 福祉 人民 群众 获得感 幸福感 安全感 本报讯 记者 社会各界 经济发展 推进 改革 加快 建设 全面 实施 政策 乡村振兴 农业 农村 农民 工作 现代化 高质量发展 增长 提升 持续 稳定 保障 强化 推动 消费 市场 服务 创新 完善 机制 体系 产业 融合 坚持 部署 落实 目标 任务 重点 领域 深化 开放 合作 推进 区域 协调 统筹 城乡 基础 设施 公共 民生 就业 收入 水平 质量 效益 安全 生产 粮食 耕地 种业 科技 人才 金融 支持 资金 投入 项目 实施 方案 措施 举措 成效 显著 积极 有序 稳步 扎实 系统 全面 深入 持续 巩固 拓展 成果 衔接 发展 美丽 宜居 和美 治理 文明 乡风 生态 绿色 低碳 数字 智慧 网络 平台 物流 冷链 供应链 品牌 标准 规范 管理 监管 风险 防范 化解 预期 信心 活力 动力 潜力 空间 需求 供给 结构 优化 升级 转型 新质 生产力 要素 配置 效率 改善 营商 环境 保护 权益 共同 富裕 增进 福祉 人民 群众 获得感 幸福感 安全感 本报讯 记者 社会各界 经济发展 推进 改革 加快 建设 全面 实施 政策 乡村振兴 农业 农村 农民 工作 现代化 高质量发展 增长 提升 持续 稳定 保障 强化 推动 消费 市场 服务 创新 完善 机制 体系 产业 融合 坚持 部署 落实 目标 任务 重点 领域 深化 开放 合作 推进 区域 协调 统筹 城乡 基础 设施 公共 民生 就业 收入 水平 质量 效益 安全 生产 粮食 耕地 种业 科技 人才 金融 支持 资金 投入 项目 实施 方案 措施 举措 成效 显著 积极 有序 稳步 扎实 系统 全面 深入 持续 巩固 拓展 成果 衔接 发展 美丽 宜居 和美 治理 文明 乡风 生态 绿色 低碳 数字 智慧 网络 平台
2月23日，四川省宜宾市高县县城周边油菜花盛开。 庄 静摄（中经视觉）
导读
用好财税政策提升科创底气	5版 构建餐饮外卖共赢生态	6版
银行股权“一元起拍”为何遇冷	7版 补上短板建好美丽乡村	8版
橘橙产业升级在路上	9版 产业与资本都需要耐心	11版
迎接全国两会特稿①
补短板扬优势大力提振消费
本报记者 冯其予 祝君壁
本报讯 记者 社会各界 经济发展 推进 改革 加快 建设 全面 实施 政策 乡村振兴 农业 农村 农民 工作 现代化 高质量发展 增长 提升 持续 稳定 保障 强化 推动 消费 市场 服务 创新 完善 机制 体系 产业 融合 坚持 部署 落实 目标 任务 重点 领域 深化 开放 合作 推进 区域 协调 统筹 城乡 基础 设施 公共 民生 就业 收入 水平 质量 效益 安全 生产 粮食 耕地 种业 科技 人才 金融 支持 资金 投入 项目 实施 方案 措施 举措 成效 显著 积极 有序 稳步 扎实 系统 全面 深入 持续 巩固 拓展 成果 衔接 发展 美丽 宜居 和美 治理 文明 乡风 生态 绿色 低碳 数字 智慧 网络 平台 物流 冷链 供应链 品牌 标准 规范 管理 监管 风险 防范 化解 预期 信心 活力 动力 潜力 空间 需求 供给 结构 优化 升级 转型 新质 生产力 要素 配置 效率 改善 营商 环境 保护 权益 共同 富裕 增进 福祉 人民 群众 获得感 幸福感 安全感 本报讯 记者 社会各界 经济发展 推进 改革 加快 建设 全面 实施 政策 乡村振兴 农业 农村 农民 工作 现代化 高质量发展 增长 提升 持续 稳定 保障 强化 推动 消费 市场 服务 创新 完善 机制 体系 产业 融合 坚持 部署 落实 目标 任务 重点 领域 深化 开放 合作 推进 区域 协调 统筹 城乡 基础 设施 公共 民生 就业 收入 水平 质量 效益 安全 生产 粮食 耕地 种业 科技 人才 金融 支持 资金 投入 项目 实施 方案 措施 举措 成效 显著 积极 有序 稳步 扎实 系统 全面 深入 持续 巩固 拓展 成果 衔接 发展 美丽 宜居 和美 治理 文明 乡风 生态 绿色 低碳 数字 智慧 网络 平台 物流 冷链 供应链 品牌 标准 规范 管理 监管 风险 防范 化解 预期 信心 活力 动力 潜力 空间 需求 供给 结构 优化 升级 转型 新质 生产力 要素 配置 效率 改善 营商 环境 保护 权益 共同 富裕 增进 福祉 人民 群众 获得感 幸福感 安全感 本报讯 记者 社会各界 经济发展 推进 改革 加快 建设 全面 实施 政策 乡村振兴 农业 农村 农民 工作 现代化 高质量发展 增长 提升 持续 稳定 保障 强化 推动 消费 市场 服务 创新 完善 机制 体系 产业 融合 坚持 部署 落实 目标 任务 重点 领域 深化 开放 合作 推进 区域 协调 统筹 城乡 基础 设施 公共 民生 就业 收入 水平 质量 效益 安全 生产 粮食 耕地 种业 科技 人才 金融 支持 资金 投入 项目 实施 方案 措施 举措 成效 显著 积极 有序 稳步 扎实 系统 全面 深入 持续 巩固 拓展 成果 衔接 发展 美丽 宜居 和美 治理 文明 乡风 生态 绿色 低碳 数字 智慧 网络 平台
消费市场活力涌动
本报讯 记者 社会各界 经济发展 推进 改革 加快 建设 全面 实施 政策 乡村振兴 农业 农村 农民 工作 现代化 高质量发展 增长 提升 持续 稳定 保障 强化 推动 消费 市场 服务 创新 完善 机制 体系 产业 融合 坚持 部署 落实 目标 任务 重点 领域 深化 开放 合作 推进 区域 协调 统筹 城乡 基础 设施 公共 民生 就业 收入 水平 质量 效益 安全 生产 粮食 耕地 种业 科技 人才 金融 支持 资金 投入 项目 实施 方案 措施 举措 成效 显著 积极 有序 稳步 扎实 系统 全面 深入 持续 巩固 拓展 成果 衔接 发展 美丽 宜居 和美 治理 文明 乡风 生态 绿色 低碳 数字 智慧 网络 平台 物流 冷链 供应链 品牌 标准 规范 管理 监管 风险 防范 化解 预期 信心 活力 动力 潜力 空间 需求 供给 结构 优化 升级 转型 新质 生产力 要素 配置 效率 改善 营商 环境 保护 权益 共同 富裕 增进 福祉 人民 群众 获得感 幸福感 安全感 本报讯 记者 社会各界 经济发展 推进 改革 加快 建设 全面 实施 政策 乡村振兴 农业 农村 农民 工作 现代化 高质量发展 增长 提升 持续 稳定 保障 强化 推动 消费 市场 服务 创新 完善 机制 体系 产业 融合 坚持 部署 落实 目标 任务 重点 领域 深化 开放 合作 推进 区域 协调 统筹 城乡 基础 设施 公共 民生 就业 收入 水平 质量 效益 安全 生产 粮食 耕地 种业 科技 人才 金融 支持 资金 投入 项目 实施 方案 措施 举措 成效 显著 积极 有序 稳步 扎实 系统 全面 深入 持续 巩固 拓展 成果 衔接 发展 美丽 宜居 和美 治理 文明 乡风 生态 绿色 低碳 数字 智慧 网络 平台 物流 冷链 供应链 品牌 标准 规范 管理 监管 风险 防范 化解 预期 信心 活力 动力 潜力 空间 需求 供给 结构 优化 升级 转型 新质 生产力 要素 配置 效率 改善 营商 环境 保护 权益 共同 富裕 增进 福祉 人民 群众 获得感 幸福感 安全感 本报讯 记者 社会各界 经济发展 推进 改革 加快 建设 全面 实施 政策 乡村振兴 农业 农村 农民 工作 现代化 高质量发展 增长 提升 持续 稳定 保障 强化 推动 消费 市场 服务 创新 完善 机制 体系 产业 融合 坚持 部署 落实 目标 任务 重点 领域 深化 开放 合作 推进 区域 协调 统筹 城乡 基础 设施 公共 民生 就业 收入 水平 质量 效益 安全 生产 粮食 耕地 种业 科技 人才 金融 支持 资金 投入 项目 实施 方案 措施 举措 成效 显著 积极 有序 稳步 扎实 系统 全面 深入 持续 巩固 拓展 成果 衔接 发展 美丽 宜居 和美 治理 文明 乡风 生态 绿色 低碳 数字 智慧 网络 平台
本报讯 记者 社会各界 经济发展 推进 改革 加快 建设 全面 实施 政策 乡村振兴 农业 农村 农民 工作 现代化 高质量发展 增长 提升 持续 稳定 保障 强化 推动 消费 市场 服务 创新 完善 机制 体系 产业 融合 坚持 部署 落实 目标 任务 重点 领域 深化 开放 合作 推进 区域 协调 统筹 城乡 基础 设施 公共 民生 就业 收入 水平 质量 效益 安全 生产 粮食 耕地 种业 科技 人才 金融 支持 资金 投入 项目 实施 方案 措施 举措 成效 显著 积极 有序 稳步 扎实 系统 全面 深入 持续 巩固 拓展 成果 衔接 发展 美丽 宜居 和美 治理 文明 乡风 生态 绿色 低碳 数字 智慧 网络 平台 物流 冷链 供应链 品牌 标准 规范 管理 监管 风险 防范 化解 预期 信心 活力 动力 潜力 空间 需求 供给 结构 优化 升级 转型 新质 生产力 要素 配置 效率 改善 营商 环境 保护 权益 共同 富裕 增进 福祉 人民 群众 获得感 幸福感 安全感 本报讯 记者 社会各界 经济发展 推进 改革 加快 建设 全面 实施 政策 乡村振兴 农业 农村 农民 工作 现代化 高质量发展 增长 提升 持续 稳定 保障 强化 推动 消费 市场 服务 创新 完善 机制 体系 产业 融合 坚持 部署 落实 目标 任务 重点 领域 深化 开放 合作 推进 区域 协调 统筹 城乡 基础 设施 公共 民生 就业 收入 水平 质量 效益 安全 生产 粮食 耕地 种业 科技 人才 金融 支持 资金 投入 项目 实施 方案 措施 举措 成效 显著 积极 有序 稳步 扎实 系统 全面 深入 持续 巩固 拓展 成果 衔接 发展 美丽 宜居 和美 治理 文明 乡风 生态 绿色 低碳 数字 智慧 网络 平台 物流 冷链 供应链 品牌 标准 规范 管理 监管 风险 防范 化解 预期 信心 活力 动力 潜力 空间 需求 供给 结构 优化 升级 转型 新质 生产力 要素 配置 效率 改善 营商 环境 保护 权益 共同 富裕 增进 福祉 人民 群众 获得感 幸福感 安全感 本报讯 记者 社会各界 经济发展 推进 改革 加快 建设 全面 实施 政策 乡村振兴 农业 农村 农民 工作 现代化 高质量发展 增长 提升 持续 稳定 保障 强化 推动 消费 市场 服务 创新 完善 机制 体系 产业 融合 坚持 部署 落实 目标 任务 重点 领域 深化 开放 合作 推进 区域 协调 统筹 城乡 基础 设施 公共 民生 就业 收入 水平 质量 效益 安全 生产 粮食 耕地 种业 科技 人才 金融 支持 资金 投入 项目 实施 方案 措施 举措 成效 显著 积极 有序 稳步 扎实 系统 全面 深入 持续 巩固 拓展 成果 衔接 发展 美丽 宜居 和美 治理 文明 乡风 生态 绿色 低碳 数字 智慧 网络 平台
本报讯 记者 社会各界 经济发展 推进 改革 加快 建设 全面 实施 政策 乡村振兴 农业 农村 农民 工作 现代化 高质量发展 增长 提升 持续 稳定 保障 强化 推动 消费 市场 服务 创新 完善 机制 体系 产业 融合 坚持 部署 落实 目标 任务 重点 领域 深化 开放 合作 推进 区域 协调 统筹 城乡 基础 设施 公共 民生 就业 收入 水平 质量 效益 安全 生产 粮食 耕地 种业 科技 人才 金融 支持 资金 投入 项目 实施 方案 措施 举措 成效 显著 积极 有序 稳步 扎实 系统 全面 深入 持续 巩固 拓展 成果 衔接 发展 美丽 宜居 和美 治理 文明 乡风 生态 绿色 低碳 数字 智慧 网络 平台 物流 冷链 供应链 品牌 标准 规范 管理 监管 风险 防范 化解 预期 信心 活力 动力 潜力 空间 需求 供给 结构 优化 升级 转型 新质 生产力 要素 配置 效率 改善 营商 环境 保护 权益 共同 富裕 增进 福祉 人民 群众 获得感 幸福感 安全感 本报讯 记者 社会各界 经济发展 推进 改革 加快 建设 全面 实施 政策 乡村振兴 农业 农村 农民 工作 现代化 高质量发展 增长 提升 持续 稳定 保障 强化 推动 消费 市场 服务 创新 完善 机制 体系 产业 融合 坚持 部署 落实 目标 任务 重点 领域 深化 开放 合作 推进 区域 协调 统筹 城乡 基础 设施 公共 民生 就业 收入 水平 质量 效益 安全 生产 粮食 耕地 种业 科技 人才 金融 支持 资金 投入 项目 实施 方案 措施 举措 成效 显著 积极 有序 稳步 扎实 系统 全面 深入 持续 巩固 拓展 成果 衔接 发展 美丽 宜居 和美 治理 文明 乡风 生态 绿色 低碳 数字 智慧 网络 平台 物流 冷链 供应链 品牌 标准 规范 管理 监管 风险 防范 化解 预期 信心 活力 动力 潜力 空间 需求 供给 结构 优化 升级 转型 新质 生产力 要素 配置 效率 改善 营商 环境 保护 权益 共同 富裕 增进 福祉 人民 群众 获得感 幸福感 安全感 本报讯 记者 社会各界 经济发展 推进 改革 加快 建设 全面 实施 政策 乡村振兴 农业 农村 农民 工作 现代化 高质量发展 增长 提升 持续 稳定 保障 强化 推动 消费 市场 服务 创新 完善 机制 体系 产业 融合 坚持 部署 落实 目标 任务 重点 领域 深化 开放 合作 推进 区域 协调 统筹 城乡 基础 设施 公共 民生 就业 收入 水平 质量 效益 安全 生产 粮食 耕地 种业 科技 人才 金融 支持 资金 投入 项目 实施 方案 措施 举措 成效 显著 积极 有序 稳步 扎实 系统 全面 深入 持续 巩固 拓展 成果 衔接 发展 美丽 宜居 和美 治理 文明 乡风 生态 绿色 低碳 数字 智慧 网络 平台
供给升级激发动能
本报讯 记者 社会各界 经济发展 推进 改革 加快 建设 全面 实施 政策 乡村振兴 农业 农村 农民 工作 现代化 高质量发展 增长 提升 持续 稳定 保障 强化 推动 消费 市场 服务 创新 完善 机制 体系 产业 融合 坚持 部署 落实 目标 任务 重点 领域 深化 开放 合作 推进 区域 协调 统筹 城乡 基础 设施 公共 民生 就业 收入 水平 质量 效益 安全 生产 粮食 耕地 种业 科技 人才 金融 支持 资金 投入 项目 实施 方案 措施 举措 成效 显著 积极 有序 稳步 扎实 系统 全面 深入 持续 巩固 拓展 成果 衔接 发展 美丽 宜居 和美 治理 文明 乡风 生态 绿色 低碳 数字 智慧 网络 平台 物流 冷链 供应链 品牌 标准 规范 管理 监管 风险 防范 化解 预期 信心 活力 动力 潜力 空间 需求 供给 结构 优化 升级 转型 新质 生产力 要素 配置 效率 改善 营商 环境 保护 权益 共同 富裕 增进 福祉 人民 群众 获得感 幸福感 安全感 本报讯 记者 社会各界 经济发展 推进 改革 加快 建设 全面 实施 政策 乡村振兴 农业 农村 农民 工作 现代化 高质量发展 增长 提升 持续 稳定 保障 强化 推动 消费 市场 服务 创新 完善 机制 体系 产业 融合 坚持 部署 落实 目标 任务 重点 领域 深化 开放 合作 推进 区域 协调 统筹 城乡 基础 设施 公共 民生 就业 收入 水平 质量 效益 安全 生产 粮食 耕地 种业 科技 人才 金融 支持 资金 投入 项目 实施 方案 措施 举措 成效 显著 积极 有序 稳步 扎实 系统 全面 深入 持续 巩固 拓展 成果 衔接 发展 美丽 宜居 和美 治理 文明 乡风 生态 绿色 低碳 数字 智慧 网络 平台 物流 冷链 供应链 品牌 标准 规范 管理 监管 风险 防范 化解 预期 信心 活力 动力 潜力 空间 需求 供给 结构 优化 升级 转型 新质 生产力 要素 配置 效率 改善 营商 环境 保护 权益 共同 富裕 增进 福祉 人民 群众 获得感 幸福感 安全感 本报讯 记者 社会各界 经济发展 推进 改革 加快 建设 全面 实施 政策 乡村振兴 农业 农村 农民 工作 现代化 高质量发展 增长 提升 持续 稳定 保障 强化 推动 消费 市场 服务 创新 完善 机制 体系 产业 融合 坚持 部署 落实 目标 任务 重点 领域 深化 开放 合作 推进 区域 协调 统筹 城乡 基础 设施 公共 民生 就业 收入 水平 质量 效益 安全 生产 粮食 耕地 种业 科技 人才 金融 支持 资金 投入 项目 实施 方案 措施 举措 成效 显著 积极 有序 稳步 扎实 系统 全面 深入 持续 巩固 拓展 成果 衔接 发展 美丽 宜居 和美 治理 文明 乡风 生态 绿色 低碳 数字 智慧 网络 平台
本报讯 记者 社会各界 经济发展 推进 改革 加快 建设 全面 实施 政策 乡村振兴 农业 农村 农民 工作 现代化 高质量发展 增长 提升 持续 稳定 保障 强化 推动 消费 市场 服务 创新 完善 机制 体系 产业 融合 坚持 部署 落实 目标 任务 重点 领域 深化 开放 合作 推进 区域 协调 统筹 城乡 基础 设施 公共 民生 就业 收入 水平 质量 效益 安全 生产 粮食 耕地 种业 科技 人才 金融 支持 资金 投入 项目 实施 方案 措施 举措 成效 显著 积极 有序 稳步 扎实 系统 全面 深入 持续 巩固 拓展 成果 衔接 发展 美丽 宜居 和美 治理 文明 乡风 生态 绿色 低碳 数字 智慧 网络 平台 物流 冷链 供应链 品牌 标准 规范 管理 监管 风险 防范 化解 预期 信心 活力 动力 潜力 空间 需求 供给 结构 优化 升级 转型 新质 生产力 要素 配置 效率 改善 营商 环境 保护 权益 共同 富裕 增进 福祉 人民 群众 获得感 幸福感 安全感 本报讯 记者 社会各界 经济发展 推进 改革 加快 建设 全面 实施 政策 乡村振兴 农业 农村 农民 工作 现代化 高质量发展 增长 提升 持续 稳定 保障 强化 推动 消费 市场 服务 创新 完善 机制 体系 产业 融合 坚持 部署 落实 目标 任务 重点 领域 深化 开放 合作 推进 区域 协调 统筹 城乡 基础 设施 公共 民生 就业 收入 水平 质量 效益 安全 生产 粮食 耕地 种业 科技 人才 金融 支持 资金 投入 项目 实施 方案 措施 举措 成效 显著 积极 有序 稳步 扎实 系统 全面 深入 持续 巩固 拓展 成果 衔接 发展 美丽 宜居 和美 治理 文明 乡风 生态 绿色 低碳 数字 智慧 网络 平台 物流 冷链 供应链 品牌 标准 规范 管理 监管 风险 防范 化解 预期 信心 活力 动力 潜力 空间 需求 供给 结构 优化 升级 转型 新质 生产力 要素 配置 效率 改善 营商 环境 保护 权益 共同 富裕 增进 福祉 人民 群众 获得感 幸福感 安全感 本报讯 记者 社会各界 经济发展 推进 改革 加快 建设 全面 实施 政策 乡村振兴 农业 农村 农民 工作 现代化 高质量发展 增长 提升 持续 稳定 保障 强化 推动 消费 市场 服务 创新 完善 机制 体系 产业 融合 坚持 部署 落实 目标 任务 重点 领域 深化 开放 合作 推进 区域 协调 统筹 城乡 基础 设施 公共 民生 就业 收入 水平 质量 效益 安全 生产 粮食 耕地 种业 科技 人才 金融 支持 资金 投入 项目 实施 方案 措施 举措 成效 显著 积极 有序 稳步 扎实 系统 全面 深入 持续 巩固 拓展 成果 衔接 发展 美丽 宜居 和美 治理 文明 乡风 生态 绿色 低碳 数字 智慧 网络 平台
本报讯 记者 社会各界 经济发展 推进 改革 加快 建设 全面 实施 政策 乡村振兴 农业 农村 农民 工作 现代化 高质量发展 增长 提升 持续 稳定 保障 强化 推动 消费 市场 服务 创新 完善 机制 体系 产业 融合 坚持 部署 落实 目标 任务 重点 领域 深化 开放 合作 推进 区域 协调 统筹 城乡 基础 设施 公共 民生 就业 收入 水平 质量 效益 安全 生产 粮食 耕地 种业 科技 人才 金融 支持 资金 投入 项目 实施 方案 措施 举措 成效 显著 积极 有序 稳步 扎实 系统 全面 深入 持续 巩固 拓展 成果 衔接 发展 美丽 宜居 和美 治理 文明 乡风 生态 绿色 低碳 数字 智慧 网络 平台 物流 冷链 供应链 品牌 标准 规范 管理 监管 风险 防范 化解 预期 信心 活力 动力 潜力 空间 需求 供给 结构 优化 升级 转型 新质 生产力 要素 配置 效率 改善 营商 环境 保护 权益 共同 富裕 增进 福祉 人民 群众 获得感 幸福感 安全感 本报讯 记者 社会各界 经济发展 推进 改革 加快 建设 全面 实施 政策 乡村振兴 农业 农村 农民 工作 现代化 高质量发展 增长 提升 持续 稳定 保障 强化 推动 消费 市场 服务 创新 完善 机制 体系 产业 融合 坚持 部署 落实 目标 任务 重点 领域 深化 开放 合作 推进 区域 协调 统筹 城乡 基础 设施 公共 民生 就业 收入 水平 质量 效益 安全 生产 粮食 耕地 种业 科技 人才 金融 支持 资金 投入 项目 实施 方案 措施 举措 成效 显著 积极 有序 稳步 扎实 系统 全面 深入 持续 巩固 拓展 成果 衔接 发展 美丽 宜居 和美 治理 文明 乡风 生态 绿色 低碳 数字 智慧 网络 平台 物流 冷链 供应链 品牌 标准 规范 管理 监管 风险 防范 化解 预期 信心 活力 动力 潜力 空间 需求 供给 结构 优化 升级 转型 新质 生产力 要素 配置 效率 改善 营商 环境 保护 权益 共同 富裕 增进 福祉 人民 群众 获得感 幸福感 安全感 本报讯 记者 社会各界 经济发展 推进 改革 加快 建设 全面 实施 政策 乡村振兴 农业 农村 农民 工作 现代化 高质量发展 增长 提升 持续 稳定 保障 强化 推动 消费 市场 服务 创新 完善 机制 体系 产业 融合 坚持 部署 落实 目标 任务 重点 领域 深化 开放 合作 推进 区域 协调 统筹 城乡 基础 设施 公共 民生 就业 收入 水平 质量 效益 安全 生产 粮食 耕地 种业 科技 人才 金融 支持 资金 投入 项目 实施 方案 措施 举措 成效 显著 积极 有序 稳步 扎实 系统 全面 深入 持续 巩固 拓展 成果 衔接 发展 美丽 宜居 和美 治理 文明 乡风 生态 绿色 低碳 数字 智慧 网络 平台
持续释放消费潜力
本报讯 记者 社会各界 经济发展 推进 改革 加快 建设 全面 实施 政策 乡村振兴 农业 农村 农民 工作 现代化 高质量发展 增长 提升 持续 稳定 保障 强化 推动 消费 市场 服务 创新 完善 机制 体系 产业 融合 坚持 部署 落实 目标 任务 重点 领域 深化 开放 合作 推进 区域 协调 统筹 城乡 基础 设施 公共 民生 就业 收入 水平 质量 效益 安全 生产 粮食 耕地 种业 科技 人才 金融 支持 资金 投入 项目 实施 方案 措施 举措 成效 显著 积极 有序 稳步 扎实 系统 全面 深入 持续 巩固 拓展 成果 衔接 发展 美丽 宜居 和美 治理 文明 乡风 生态 绿色 低碳 数字 智慧 网络 平台 物流 冷链 供应链 品牌 标准 规范 管理 监管 风险 防范 化解 预期 信心 活力 动力 潜力 空间 需求 供给 结构 优化 升级 转型 新质 生产力 要素 配置 效率 改善 营商 环境 保护 权益 共同 富裕 增进 福祉 人民 群众 获得感 幸福感 安全感 本报讯 记者 社会各界 经济发展 推进 改革 加快 建设 全面 实施 政策 乡村振兴 农业 农村 农民 工作 现代化 高质量发展 增长 提升 持续 稳定 保障 强化 推动 消费 市场 服务 创新 完善 机制 体系 产业 融合 坚持 部署 落实 目标 任务 重点 领域 深化 开放 合作 推进 区域 协调 统筹 城乡 基础 设施 公共 民生 就业 收入 水平 质量 效益 安全 生产 粮食 耕地 种业 科技 人才 金融 支持 资金 投入 项目 实施 方案 措施 举措 成效 显著 积极 有序 稳步 扎实 系统 全面 深入 持续 巩固 拓展 成果 衔接 发展 美丽 宜居 和美 治理 文明 乡风 生态 绿色 低碳 数字 智慧 网络 平台 物流 冷链 供应链 品牌 标准 规范 管理 监管 风险 防范 化解 预期 信心 活力 动力 潜力 空间 需求 供给 结构 优化 升级 转型 新质 生产力 要素 配置 效率 改善 营商 环境 保护 权益 共同 富裕 增进 福祉 人民 群众 获得感 幸福感 安全感 本报讯 记者 社会各界 经济发展 推进 改革 加快 建设 全面 实施 政策 乡村振兴 农业 农村 农民 工作 现代化 高质量发展 增长 提升 持续 稳定 保障 强化 推动 消费 市场 服务 创新 完善 机制 体系 产业 融合 坚持 部署 落实 目标 任务 重点 领域 深化 开放 合作 推进 区域 协调 统筹 城乡 基础 设施 公共 民生 就业 收入 水平 质量 效益 安全 生产 粮食 耕地 种业 科技 人才 金融 支持 资金 投入 项目 实施 方案 措施 举措 成效 显著 积极 有序 稳步 扎实 系统 全面 深入 持续 巩固 拓展 成果 衔接 发展 美丽 宜居 和美 治理 文明 乡风 生态 绿色 低碳 数字 智慧 网络 平台
本报讯 记者 社会各界 经济发展 推进 改革 加快 建设 全面 实施 政策 乡村振兴 农业 农村 农民 工作 现代化 高质量发展 增长 提升 持续 稳定 保障 强化 推动 消费 市场 服务 创新 完善 机制 体系 产业 融合 坚持 部署 落实 目标 任务 重点 领域 深化 开放 合作 推进 区域 协调 统筹 城乡 基础 设施 公共 民生 就业 收入 水平 质量 效益 安全 生产 粮食 耕地 种业 科技 人才 金融 支持 资金 投入 项目 实施 方案 措施 举措 成效 显著 积极 有序 稳步 扎实 系统 全面 深入 持续 巩固 拓展 成果 衔接 发展 美丽 宜居 和美 治理 文明 乡风 生态 绿色 低碳 数字 智慧 网络 平台 物流 冷链 供应链 品牌 标准 规范 管理 监管 风险 防范 化解 预期 信心 活力 动力 潜力 空间 需求 供给 结构 优化 升级 转型 新质 生产力 要素 配置 效率 改善 营商 环境 保护 权益 共同 富裕 增进 福祉 人民 群众 获得感 幸福感 安全感 本报讯 记者 社会各界 经济发展 推进 改革 加快 建设 全面 实施 政策 乡村振兴 农业 农村 农民 工作 现代化 高质量发展 增长 提升 持续 稳定 保障 强化 推动 消费 市场 服务 创新 完善 机制 体系 产业 融合 坚持 部署 落实 目标 任务 重点 领域 深化 开放 合作 推进 区域 协调 统筹 城乡 基础 设施 公共 民生 就业 收入 水平 质量 效益 安全 生产 粮食 耕地 种业 科技 人才 金融 支持 资金 投入 项目 实施 方案 措施 举措 成效 显著 积极 有序 稳步 扎实 系统 全面 深入 持续 巩固 拓展 成果 衔接 发展 美丽 宜居 和美 治理 文明 乡风 生态 绿色 低碳 数字 智慧 网络 平台 物流 冷链 供应链 品牌 标准 规范 管理 监管 风险 防范 化解 预期 信心 活力 动力 潜力 空间 需求 供给 结构 优化 升级 转型 新质 生产力 要素 配置 效率 改善 营商 环境 保护 权益 共同 富裕 增进 福祉 人民 群众 获得感 幸福感 安全感 本报讯 记者 社会各界 经济发展 推进 改革 加快 建设 全面 实施 政策 乡村振兴 农业 农村 农民 工作 现代化 高质量发展 增长 提升 持续 稳定 保障 强化 推动 消费 市场 服务 创新 完善 机制 体系 产业 融合 坚持 部署 落实 目标 任务 重点 领域 深化 开放 合作 推进 区域 协调 统筹 城乡 基础 设施 公共 民生 就业 收入 水平 质量 效益 安全 生产 粮食 耕地 种业 科技 人才 金融 支持 资金 投入 项目 实施 方案 措施 举措 成效 显著 积极 有序 稳步 扎实 系统 全面 深入 持续 巩固 拓展 成果 衔接 发展 美丽 宜居 和美 治理 文明 乡风 生态 绿色 低碳 数字 智慧 网络 平台
本报讯 记者 社会各界 经济发展 推进 改革 加快 建设 全面 实施 政策 乡村振兴 农业 农村 农民 工作 现代化 高质量发展 增长 提升 持续 稳定 保障 强化 推动 消费 市场 服务 创新 完善 机制 体系 产业 融合 坚持 部署 落实 目标 任务 重点 领域 深化 开放 合作 推进 区域 协调 统筹 城乡 基础 设施 公共 民生 就业 收入 水平 质量 效益 安全 生产 粮食 耕地 种业 科技 人才 金融 支持 资金 投入 项目 实施 方案 措施 举措 成效 显著 积极 有序 稳步 扎实 系统 全面 深入 持续 巩固 拓展 成果 衔接 发展 美丽 宜居 和美 治理 文明 乡风 生态 绿色 低碳 数字 智慧 网络 平台 物流 冷链 供应链 品牌 标准 规范 管理 监管 风险 防范 化解 预期 信心 活力 动力 潜力 空间 需求 供给 结构 优化 升级 转型 新质 生产力 要素 配置 效率 改善 营商 环境 保护 权益 共同 富裕 增进 福祉 人民 群众 获得感 幸福感 安全感 本报讯 记者 社会各界 经济发展 推进 改革 加快 建设 全面 实施 政策 乡村振兴 农业 农村 农民 工作 现代化 高质量发展 增长 提升 持续 稳定 保障 强化 推动 消费 市场 服务 创新 完善 机制 体系 产业 融合 坚持 部署 落实 目标 任务 重点 领域 深化 开放 合作 推进 区域 协调 统筹 城乡 基础 设施 公共 民生 就业 收入 水平 质量 效益 安全 生产 粮食 耕地 种业 科技 人才 金融 支持 资金 投入 项目 实施 方案 措施 举措 成效 显著 积极 有序 稳步 扎实 系统 全面 深入 持续 巩固 拓展 成果 衔接 发展 美丽 宜居 和美 治理 文明 乡风 生态 绿色 低碳 数字 智慧 网络 平台 物流 冷链 供应链 品牌 标准 规范 管理 监管 风险 防范 化解 预期 信心 活力 动力 潜力 空间 需求 供给 结构 优化 升级 转型 新质 生产力 要素 配置 效率 改善 营商 环境 保护 权益 共同 富裕 增进 福祉 人民 群众 获得感 幸福感 安全感 本报讯 记者 社会各界 经济发展 推进 改革 加快 建设 全面 实施 政策 乡村振兴 农业 农村 农民 工作 现代化 高质量发展 增长 提升 持续 稳定 保障 强化 推动 消费 市场 服务 创新 完善 机制 体系 产业 融合 坚持 部署 落实 目标 任务 重点 领域 深化 开放 合作 推进 区域 协调 统筹 城乡 基础 设施 公共 民生 就业 收入 水平 质量 效益 安全 生产 粮食 耕地 种业 科技 人才 金融 支持 资金 投入 项目 实施 方案 措施 举措 成效 显著 积极 有序 稳步 扎实 系统 全面 深入 持续 巩固 拓展 成果 衔接 发展 美丽 宜居 和美 治理 文明 乡风 生态 绿色 低碳 数字 智慧 网络 平台
